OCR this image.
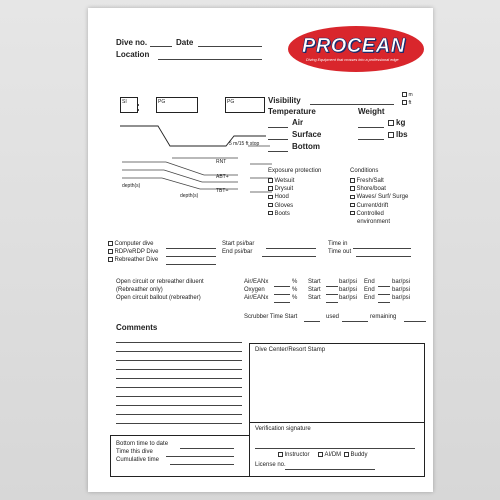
Dive no.	Date
Location	PROCEAN
Diving Equipment that crosses into a professional edge
SI	PG	PG
5 m/15 ft stop
RNT
ABT+
TBT=
depth(s)
depth(s)
Visibility
m
ft
Temperature
Air
Surface
Bottom
Weight
kg
lbs
Exposure protection
Wetsuit
Drysuit
Hood
Gloves
Boots
Conditions
Fresh/Salt
Shore/boat
Waves/ Surf/ Surge
Current/drift
Controlled
environment
Computer dive
RDP/eRDP Dive
Rebreather Dive
Start psi/bar
End psi/bar
Time in
Time out
Open circuit or rebreather diluent
(Rebreather only)
Open circuit ballout (rebreather)
Air/EANx	% Start	bar/psi End	bar/psi
Oxygen	% Start	bar/psi End	bar/psi
Air/EANx	% Start	bar/psi End	bar/psi
Scrubber Time Start	used	remaining
Comments
Dive Center/Resort Stamp
Verification signature
Instructor	AI/DM	Buddy
License no.
Bottom time to date
Time this dive
Cumulative time
